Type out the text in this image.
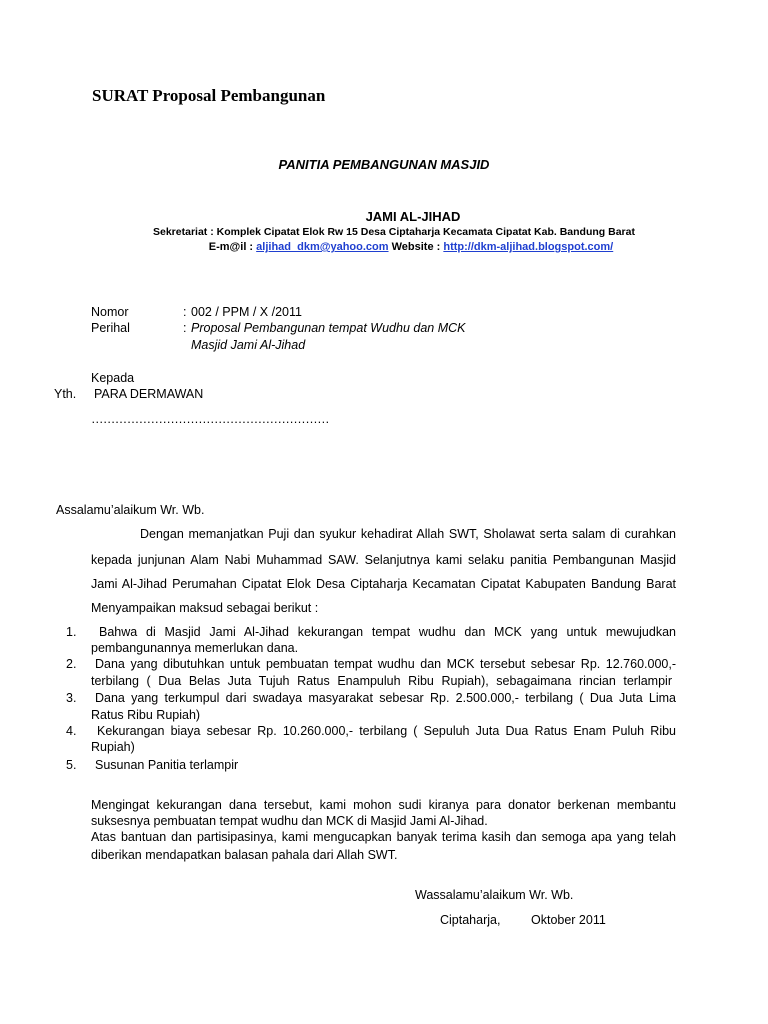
SURAT Proposal Pembangunan
PANITIA PEMBANGUNAN MASJID
JAMI AL-JIHAD
Sekretariat : Komplek Cipatat Elok Rw 15 Desa Ciptaharja Kecamata Cipatat Kab. Bandung Barat
E-m@il : aljihad_dkm@yahoo.com Website : http://dkm-aljihad.blogspot.com/
Nomor	: 002 / PPM / X /2011
Perihal	: Proposal Pembangunan tempat Wudhu dan MCK
Masjid Jami Al-Jihad
Kepada
Yth. PARA DERMAWAN
……………………………………………………
Assalamu’alaikum Wr. Wb.
Dengan memanjatkan Puji dan syukur kehadirat Allah SWT, Sholawat serta salam di curahkan
kepada junjunan Alam Nabi Muhammad SAW. Selanjutnya kami selaku panitia Pembangunan Masjid
Jami Al-Jihad Perumahan Cipatat Elok Desa Ciptaharja Kecamatan Cipatat Kabupaten Bandung Barat
Menyampaikan maksud sebagai berikut :
1. Bahwa di Masjid Jami Al-Jihad kekurangan tempat wudhu dan MCK yang untuk mewujudkan
pembangunannya memerlukan dana.
2. Dana yang dibutuhkan untuk pembuatan tempat wudhu dan MCK tersebut sebesar Rp. 12.760.000,-
terbilang ( Dua Belas Juta Tujuh Ratus Enampuluh Ribu Rupiah), sebagaimana rincian terlampir
3. Dana yang terkumpul dari swadaya masyarakat sebesar Rp. 2.500.000,- terbilang ( Dua Juta Lima
Ratus Ribu Rupiah)
4. Kekurangan biaya sebesar Rp. 10.260.000,- terbilang ( Sepuluh Juta Dua Ratus Enam Puluh Ribu
Rupiah)
5. Susunan Panitia terlampir
Mengingat kekurangan dana tersebut, kami mohon sudi kiranya para donator berkenan membantu
suksesnya pembuatan tempat wudhu dan MCK di Masjid Jami Al-Jihad.
Atas bantuan dan partisipasinya, kami mengucapkan banyak terima kasih dan semoga apa yang telah
diberikan mendapatkan balasan pahala dari Allah SWT.
Wassalamu’alaikum Wr. Wb.
Ciptaharja, Oktober 2011
